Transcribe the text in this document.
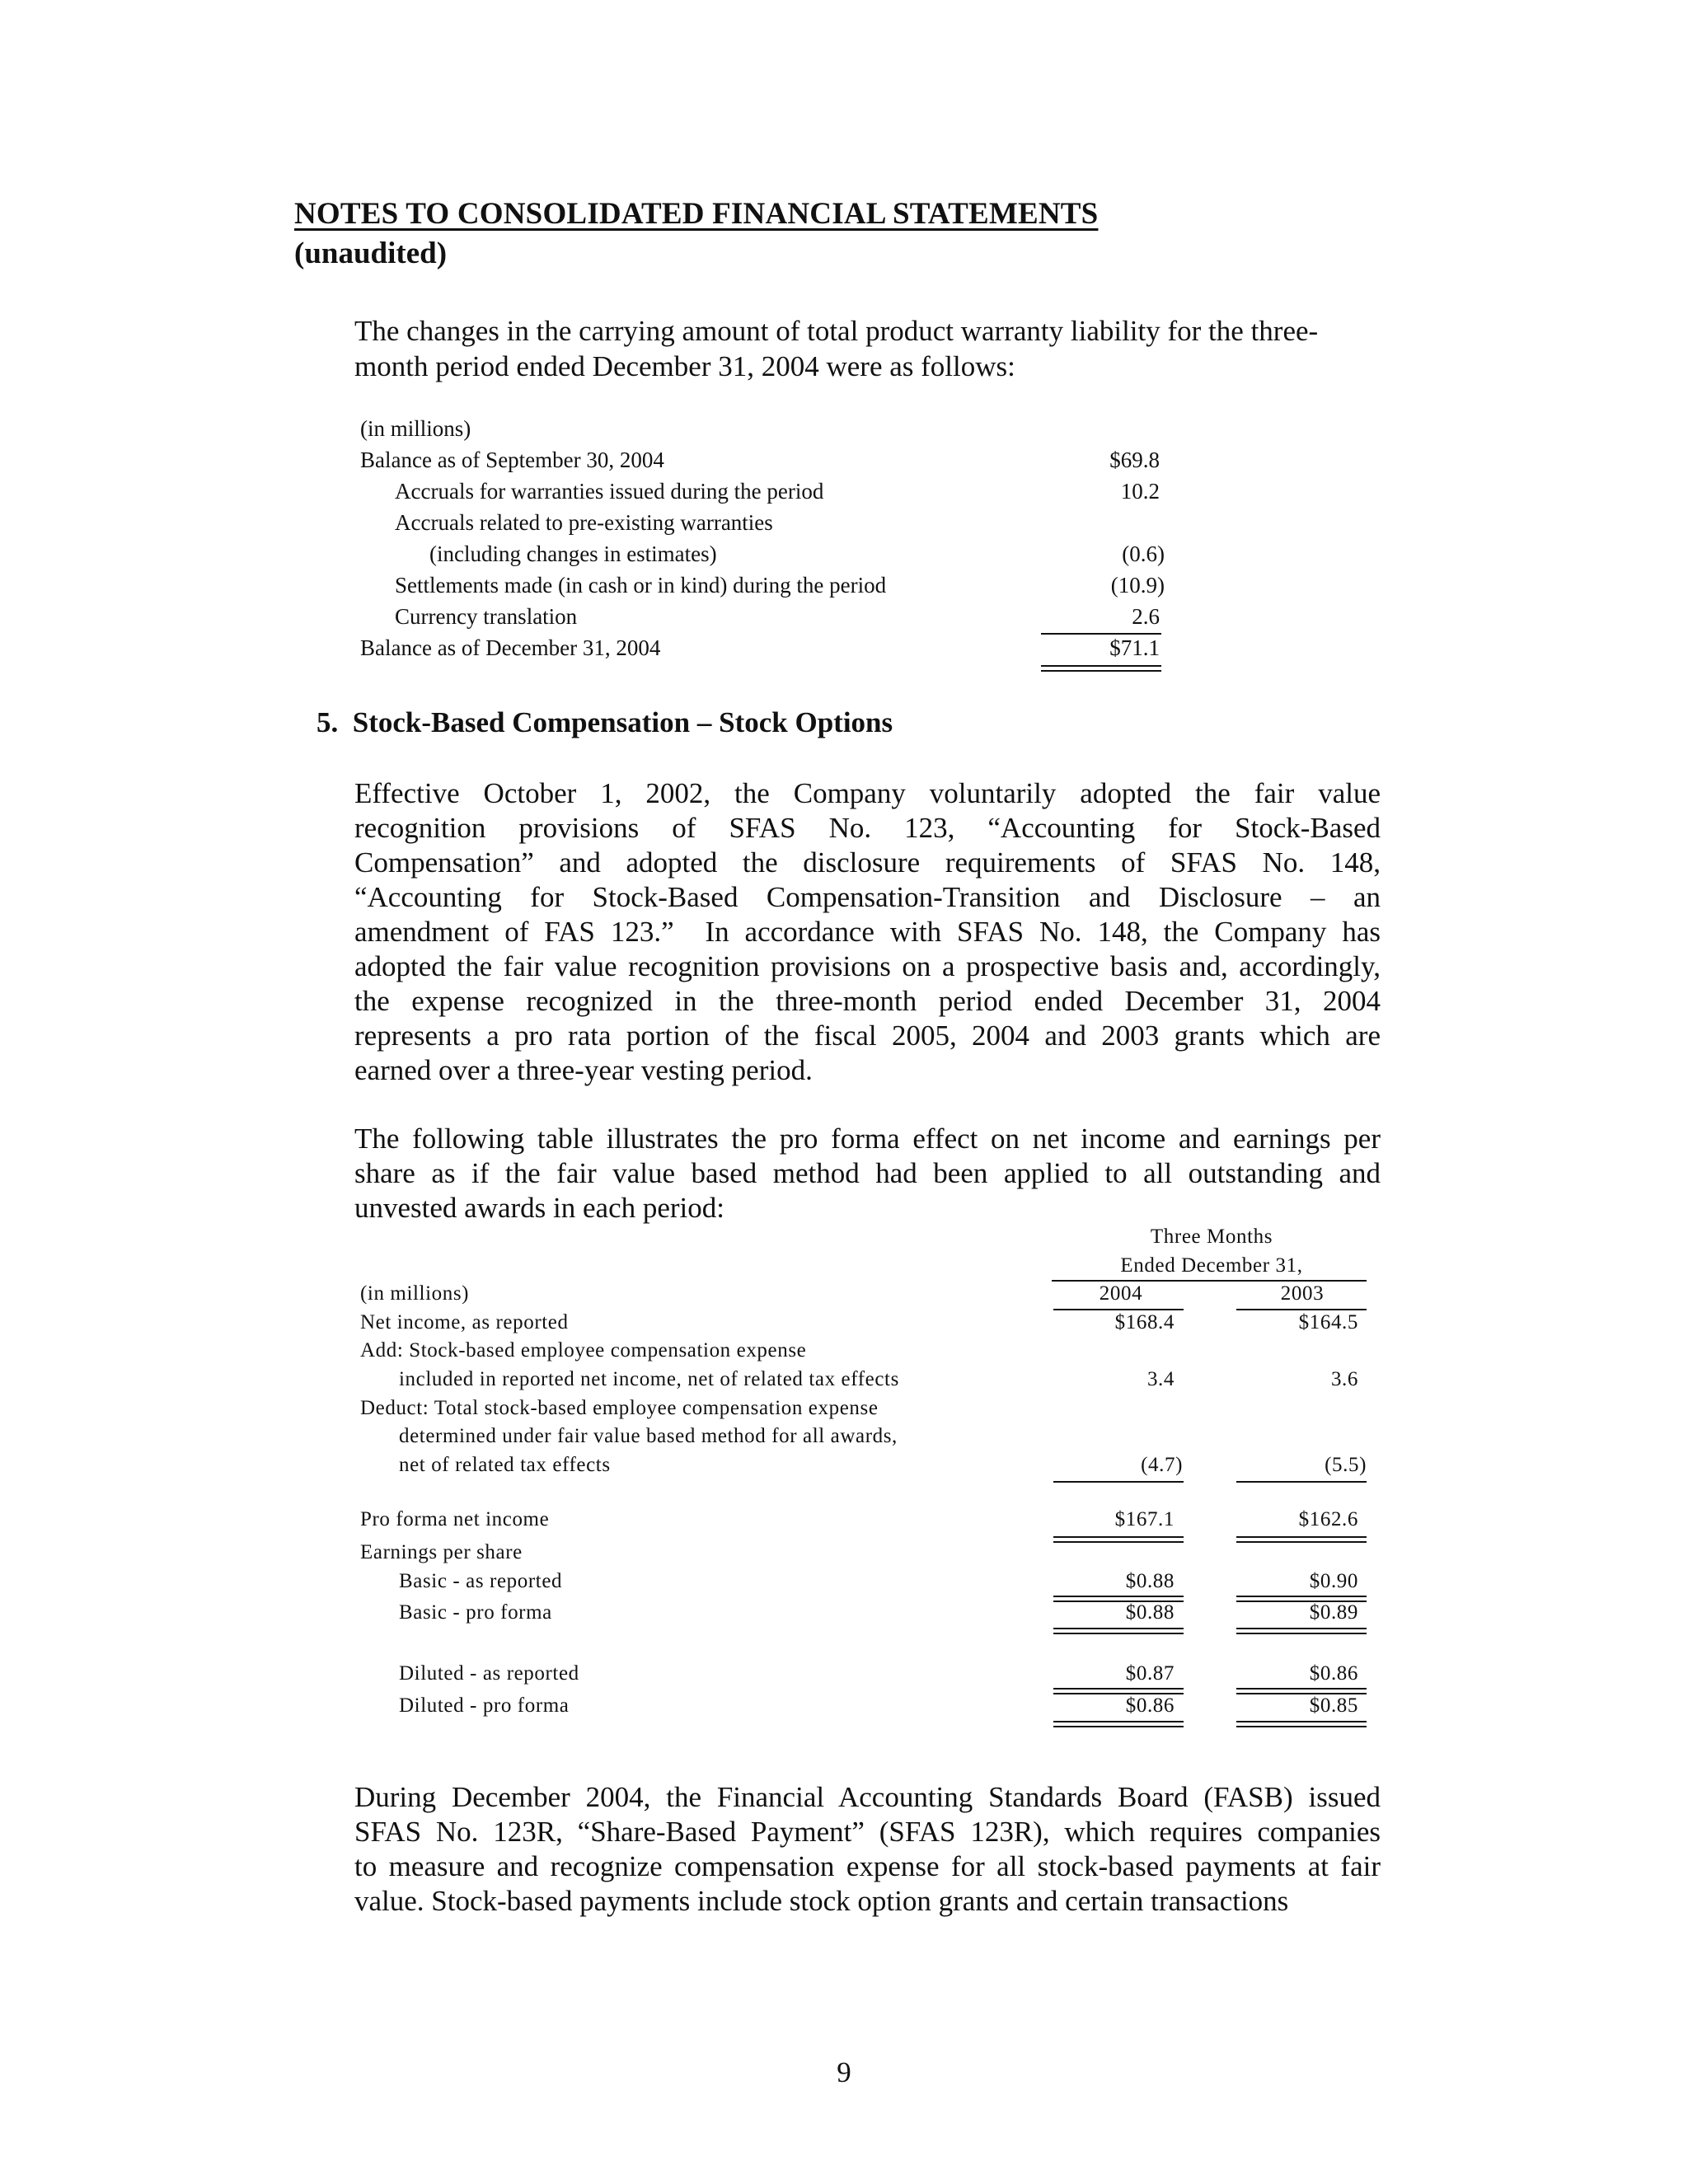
NOTES TO CONSOLIDATED FINANCIAL STATEMENTS
(unaudited)
The changes in the carrying amount of total product warranty liability for the three-
month period ended December 31, 2004 were as follows:
(in millions)
Balance as of September 30, 2004	$69.8
Accruals for warranties issued during the period	10.2
Accruals related to pre-existing warranties
(including changes in estimates)	(0.6)
Settlements made (in cash or in kind) during the period	(10.9)
Currency translation	2.6
Balance as of December 31, 2004	$71.1
5. Stock-Based Compensation – Stock Options
Effective October 1, 2002, the Company voluntarily adopted the fair value
recognition provisions of SFAS No. 123, “Accounting for Stock-Based
Compensation” and adopted the disclosure requirements of SFAS No. 148,
“Accounting for Stock-Based Compensation-Transition and Disclosure – an
amendment of FAS 123.”  In accordance with SFAS No. 148, the Company has
adopted the fair value recognition provisions on a prospective basis and, accordingly,
the expense recognized in the three-month period ended December 31, 2004
represents a pro rata portion of the fiscal 2005, 2004 and 2003 grants which are
earned over a three-year vesting period.
The following table illustrates the pro forma effect on net income and earnings per
share as if the fair value based method had been applied to all outstanding and
unvested awards in each period:
Three Months
Ended December 31,
(in millions)	2004	2003
Net income, as reported	$168.4	$164.5
Add: Stock-based employee compensation expense
included in reported net income, net of related tax effects	3.4	3.6
Deduct: Total stock-based employee compensation expense
determined under fair value based method for all awards,
net of related tax effects	(4.7)	(5.5)
Pro forma net income	$167.1	$162.6
Earnings per share
Basic - as reported	$0.88	$0.90
Basic - pro forma	$0.88	$0.89
Diluted - as reported	$0.87	$0.86
Diluted - pro forma	$0.86	$0.85
During December 2004, the Financial Accounting Standards Board (FASB) issued
SFAS No. 123R, “Share-Based Payment” (SFAS 123R), which requires companies
to measure and recognize compensation expense for all stock-based payments at fair
value. Stock-based payments include stock option grants and certain transactions
9
